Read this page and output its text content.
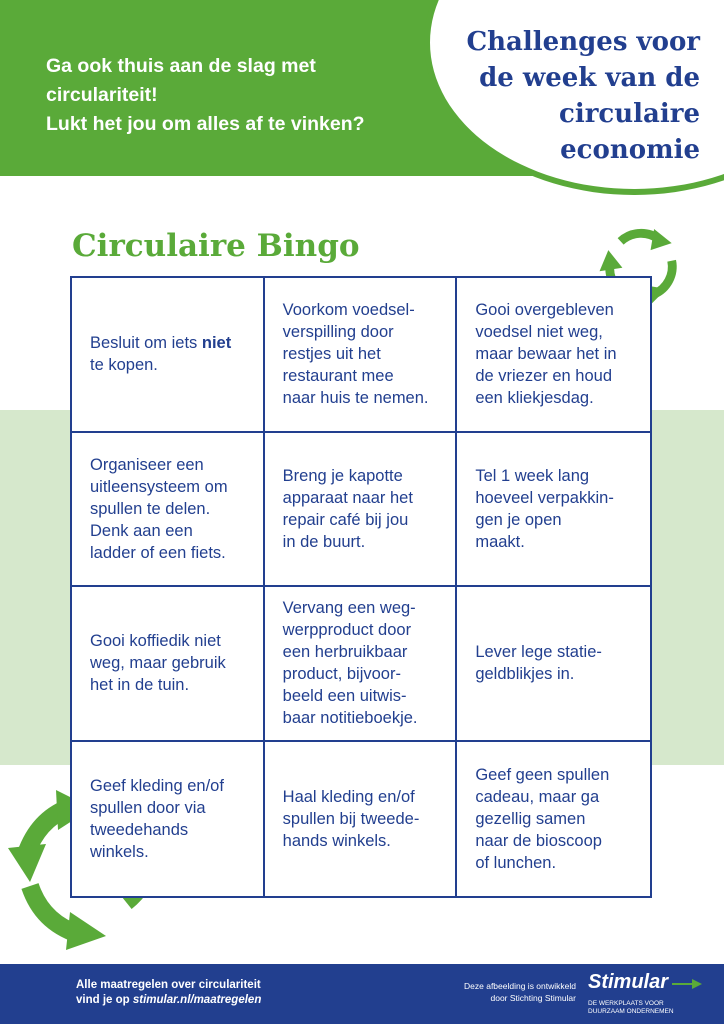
Ga ook thuis aan de slag met
circulariteit!
Lukt het jou om alles af te vinken?
Challenges voor
de week van de
circulaire
economie
Circulaire Bingo
Besluit om iets niet
te kopen.
Voorkom voedsel-
verspilling door
restjes uit het
restaurant mee
naar huis te nemen.
Gooi overgebleven
voedsel niet weg,
maar bewaar het in
de vriezer en houd
een kliekjesdag.
Organiseer een
uitleensysteem om
spullen te delen.
Denk aan een
ladder of een fiets.
Breng je kapotte
apparaat naar het
repair café bij jou
in de buurt.
Tel 1 week lang
hoeveel verpakkin-
gen je open
maakt.
Gooi koffiedik niet
weg, maar gebruik
het in de tuin.
Vervang een weg-
werpproduct door
een herbruikbaar
product, bijvoor-
beeld een uitwis-
baar notitieboekje.
Lever lege statie-
geldblikjes in.
Geef kleding en/of
spullen door via
tweedehands
winkels.
Haal kleding en/of
spullen bij tweede-
hands winkels.
Geef geen spullen
cadeau, maar ga
gezellig samen
naar de bioscoop
of lunchen.
Alle maatregelen over circulariteit
vind je op stimular.nl/maatregelen
Deze afbeelding is ontwikkeld
door Stichting Stimular
Stimular
DE WERKPLAATS VOOR
DUURZAAM ONDERNEMEN
